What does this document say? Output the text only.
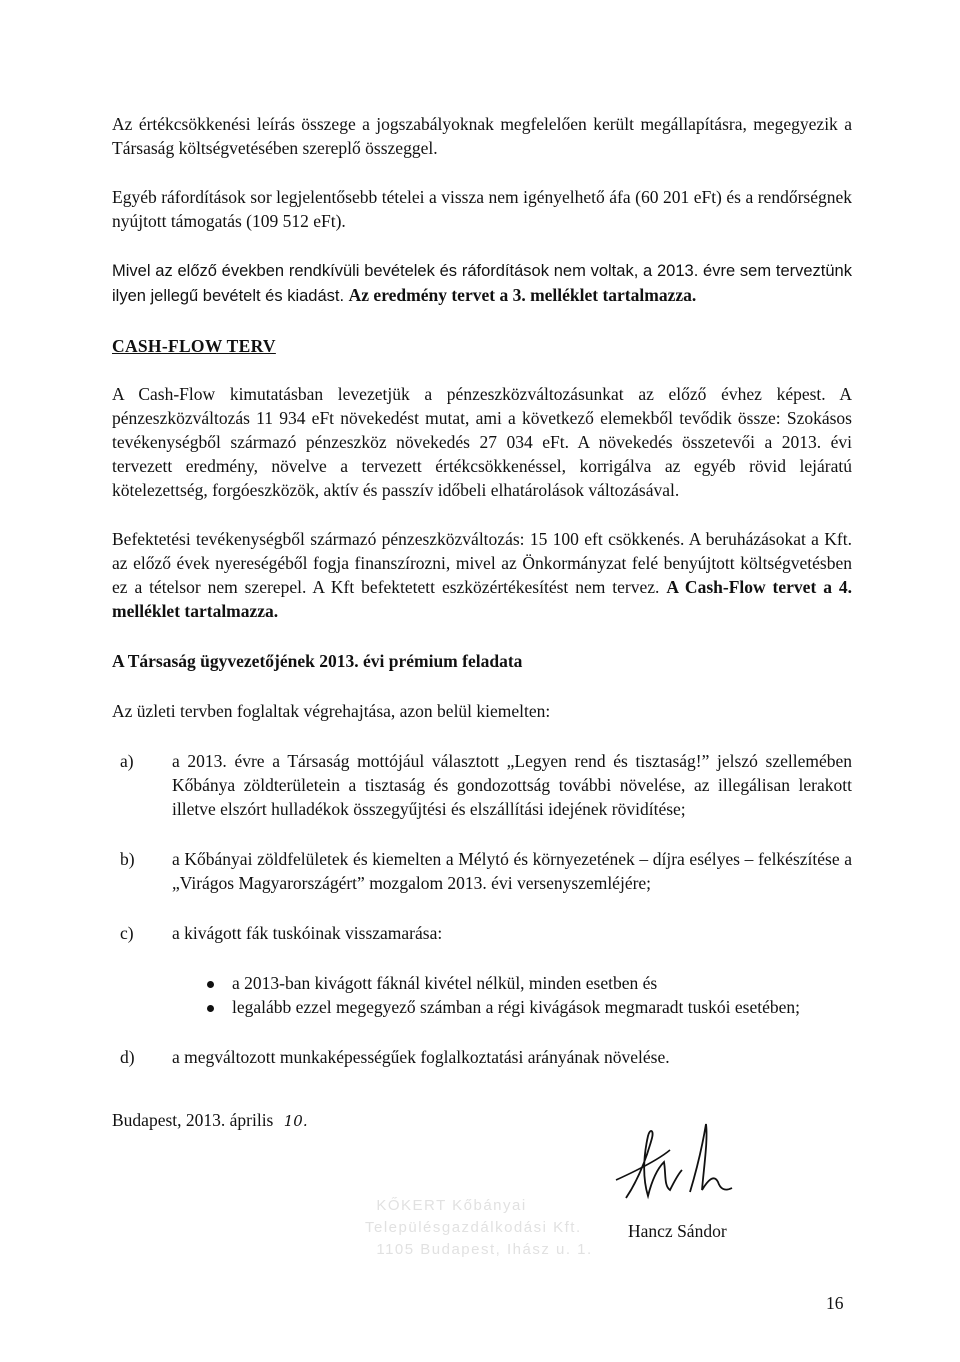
Az értékcsökkenési leírás összege a jogszabályoknak megfelelően került megállapításra, megegyezik a Társaság költségvetésében szereplő összeggel.

Egyéb ráfordítások sor legjelentősebb tételei a vissza nem igényelhető áfa (60 201 eFt) és a rendőrségnek nyújtott támogatás (109 512 eFt).

Mivel az előző években rendkívüli bevételek és ráfordítások nem voltak, a 2013. évre sem terveztünk ilyen jellegű bevételt és kiadást. Az eredmény tervet a 3. melléklet tartalmazza.

CASH-FLOW TERV

A Cash-Flow kimutatásban levezetjük a pénzeszközváltozásunkat az előző évhez képest. A pénzeszközváltozás 11 934 eFt növekedést mutat, ami a következő elemekből tevődik össze: Szokásos tevékenységből származó pénzeszköz növekedés 27 034 eFt. A növekedés összetevői a 2013. évi tervezett eredmény, növelve a tervezett értékcsökkenéssel, korrigálva az egyéb rövid lejáratú kötelezettség, forgóeszközök, aktív és passzív időbeli elhatárolások változásával.

Befektetési tevékenységből származó pénzeszközváltozás: 15 100 eft csökkenés. A beruházásokat a Kft. az előző évek nyereségéből fogja finanszírozni, mivel az Önkormányzat felé benyújtott költségvetésben ez a tételsor nem szerepel. A Kft befektetett eszközértékesítést nem tervez. A Cash-Flow tervet a 4. melléklet tartalmazza.

A Társaság ügyvezetőjének 2013. évi prémium feladata

Az üzleti tervben foglaltak végrehajtása, azon belül kiemelten:

a) a 2013. évre a Társaság mottójául választott „Legyen rend és tisztaság!” jelszó szellemében Kőbánya zöldterületein a tisztaság és gondozottság további növelése, az illegálisan lerakott illetve elszórt hulladékok összegyűjtési és elszállítási idejének rövidítése;
b) a Kőbányai zöldfelületek és kiemelten a Mélytó és környezetének – díjra esélyes – felkészítése a „Virágos Magyarországért” mozgalom 2013. évi versenyszemléjére;
c) a kivágott fák tuskóinak visszamarása:
a 2013-ban kivágott fáknál kivétel nélkül, minden esetben és
legalább ezzel megegyező számban a régi kivágások megmaradt tuskói esetében;
d) a megváltozott munkaképességűek foglalkoztatási arányának növelése.
Budapest, 2013. április 10.
KŐKERT Kőbányai
Településgazdálkodási Kft.
1105 Budapest, Ihász u. 1.
Hancz Sándor
16
